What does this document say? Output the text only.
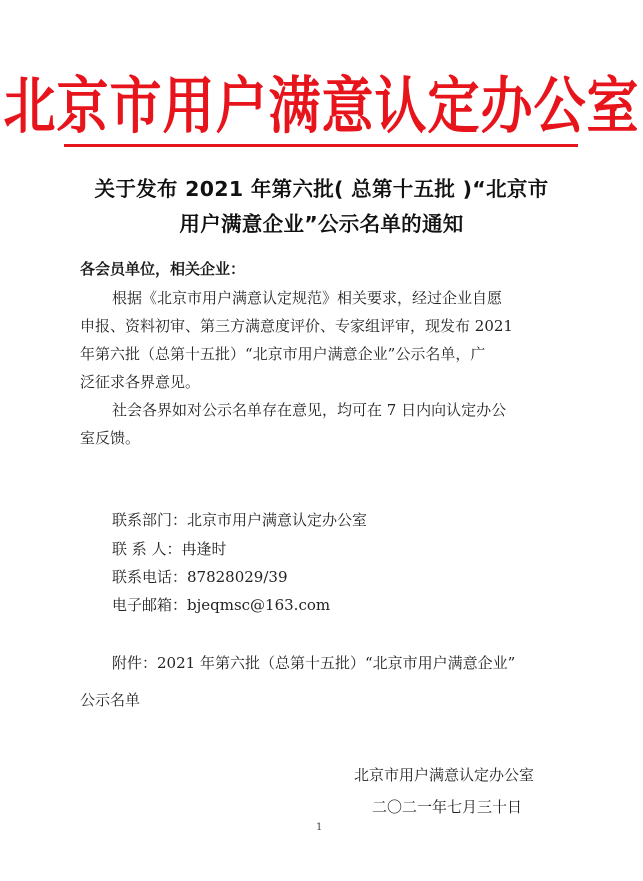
北京市用户满意认定办公室
关于发布 2021 年第六批( 总第十五批 )“北京市
用户满意企业”公示名单的通知
各会员单位，相关企业：
根据《北京市用户满意认定规范》相关要求，经过企业自愿
申报、资料初审、第三方满意度评价、专家组评审，现发布 2021
年第六批（总第十五批）“北京市用户满意企业”公示名单，广
泛征求各界意见。
社会各界如对公示名单存在意见，均可在 7 日内向认定办公
室反馈。
联系部门：北京市用户满意认定办公室
联 系 人：冉逢时
联系电话：87828029/39
电子邮箱：bjeqmsc@163.com
附件：2021 年第六批（总第十五批）“北京市用户满意企业”
公示名单
北京市用户满意认定办公室
二〇二一年七月三十日
1
